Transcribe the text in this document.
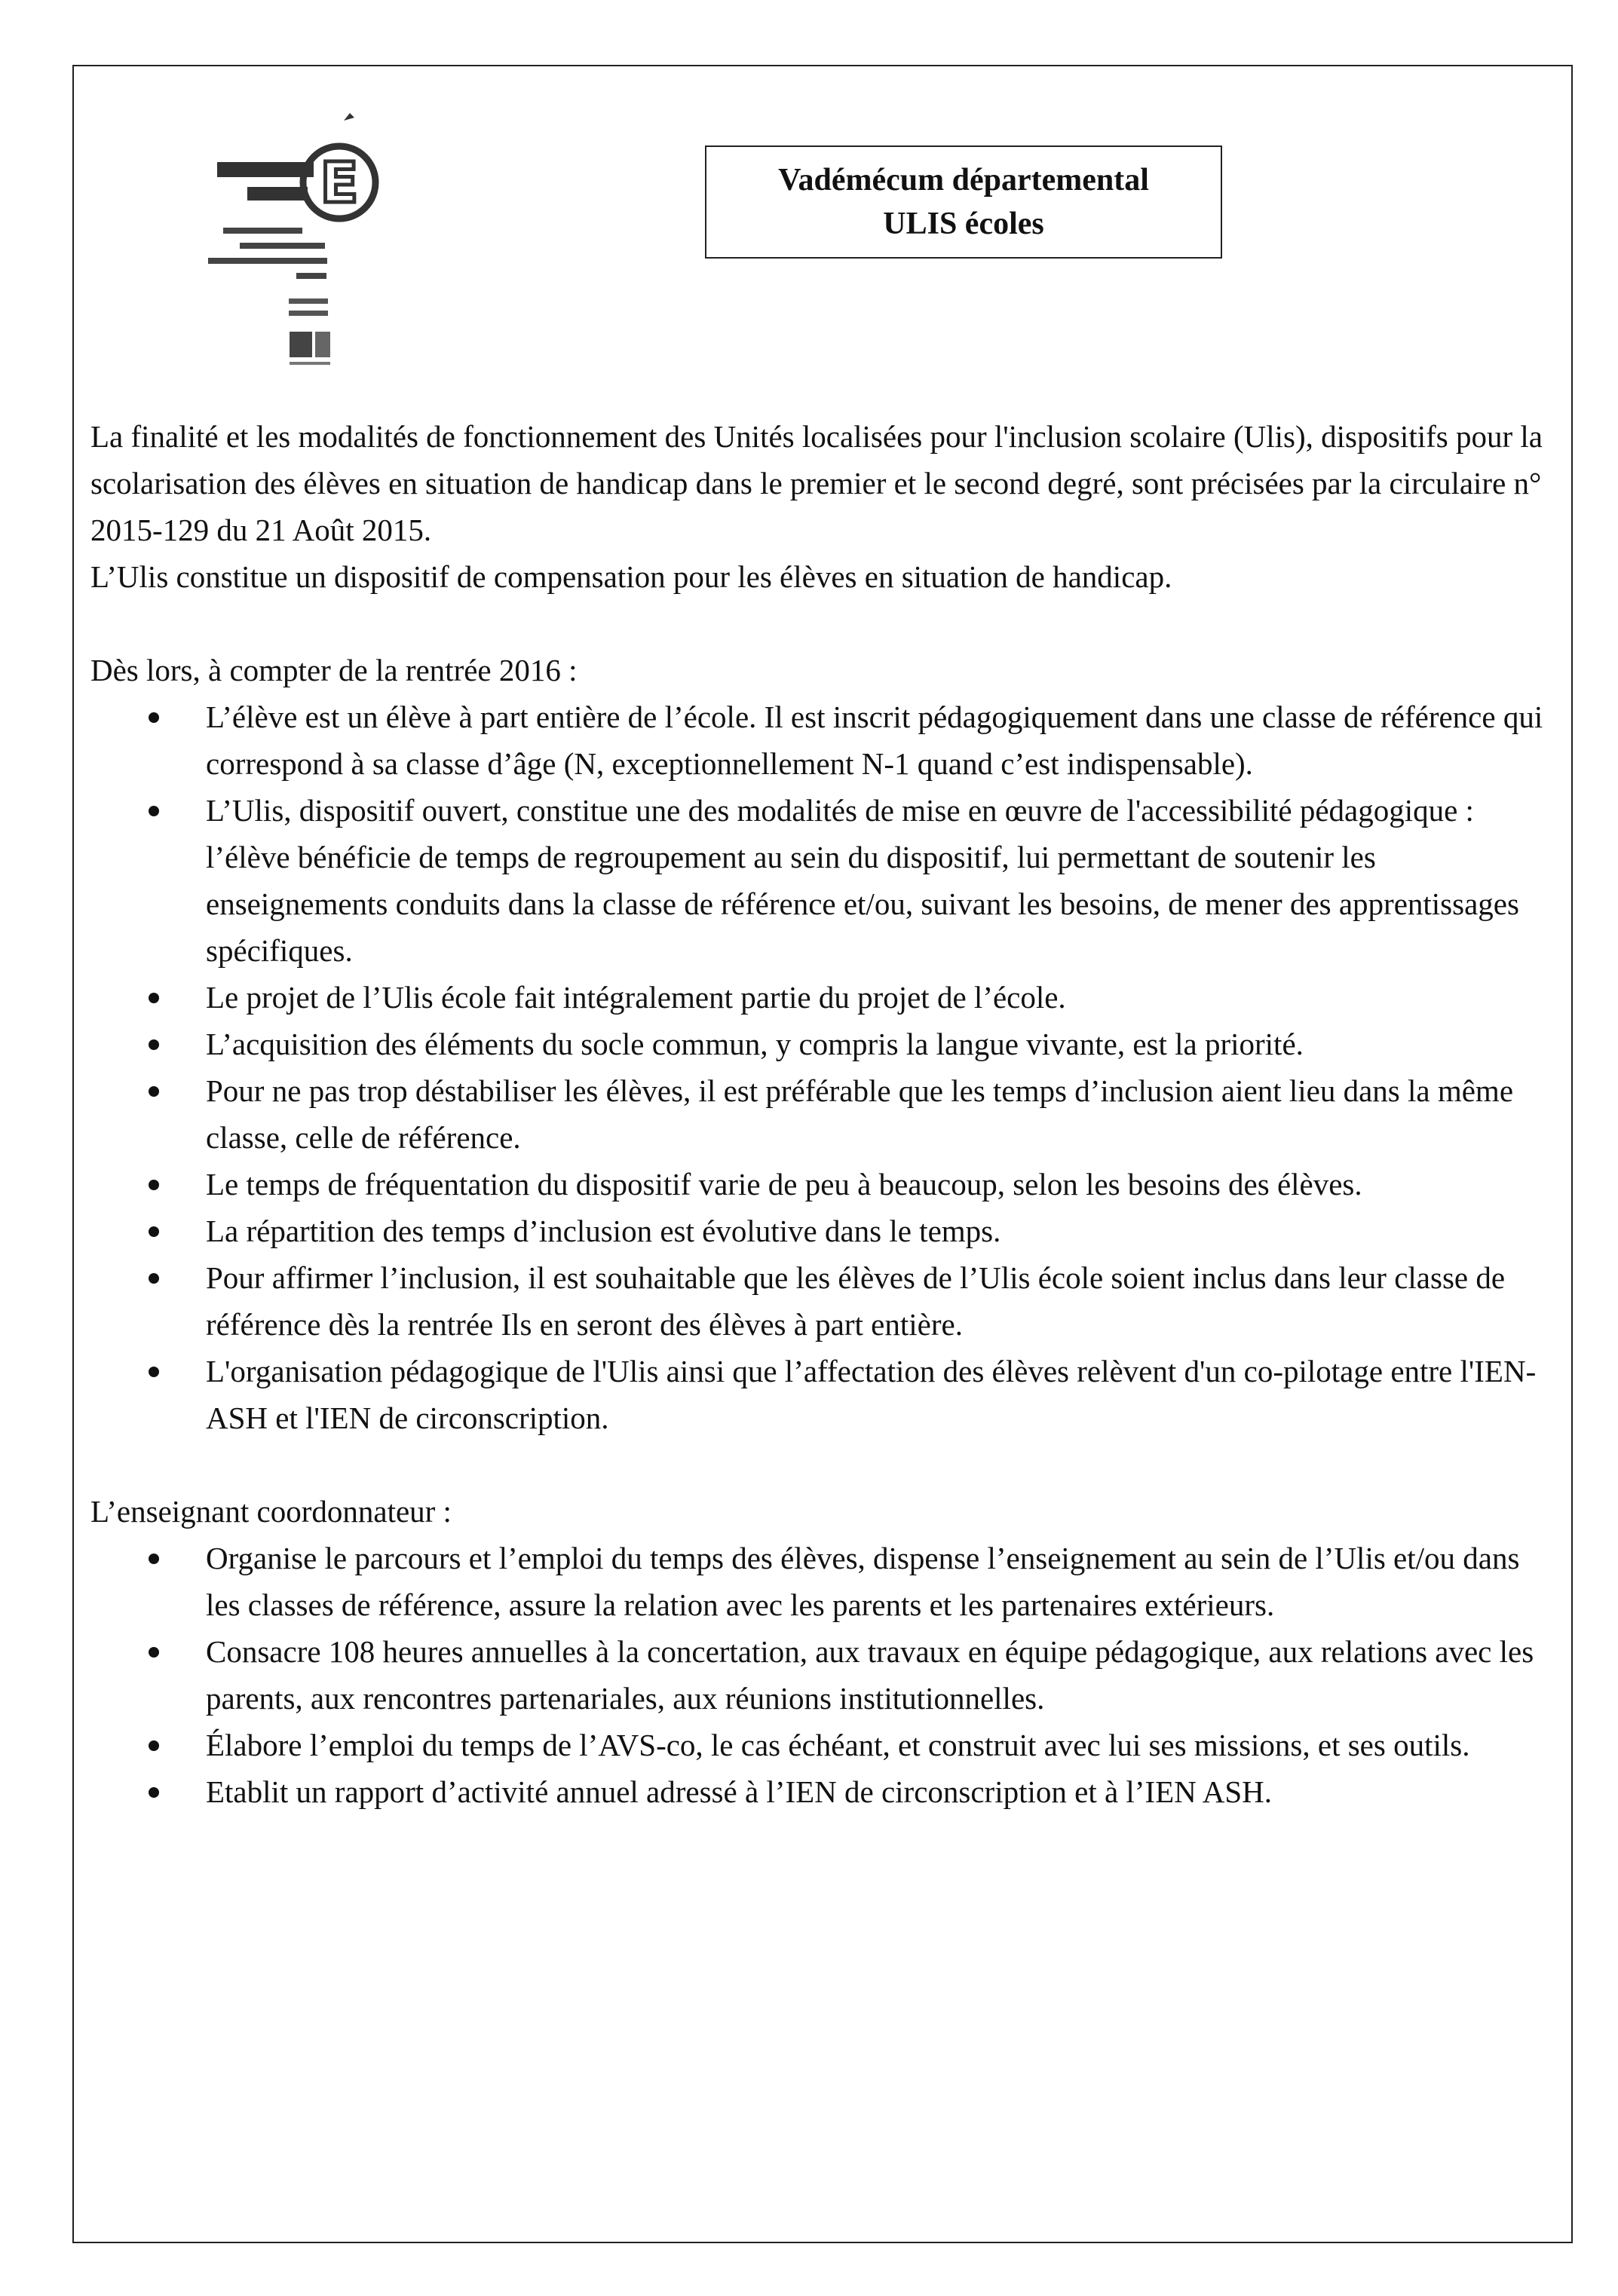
E	Vadémécum départemental
ULIS écoles

La finalité et les modalités de fonctionnement des Unités localisées pour l'inclusion scolaire (Ulis), dispositifs pour la scolarisation des élèves en situation de handicap dans le premier et le second degré, sont précisées par la circulaire n° 2015-129 du 21 Août 2015.

L’Ulis constitue un dispositif de compensation pour les élèves en situation de handicap.

Dès lors, à compter de la rentrée 2016 :

L’élève est un élève à part entière de l’école. Il est inscrit pédagogiquement dans une classe de référence qui correspond à sa classe d’âge (N, exceptionnellement N-1 quand c’est indispensable).
L’Ulis, dispositif ouvert, constitue une des modalités de mise en œuvre de l'accessibilité pédagogique : l’élève bénéficie de temps de regroupement au sein du dispositif, lui permettant de soutenir les enseignements conduits dans la classe de référence et/ou, suivant les besoins, de mener des apprentissages spécifiques.
Le projet de l’Ulis école fait intégralement partie du projet de l’école.
L’acquisition des éléments du socle commun, y compris la langue vivante, est la priorité.
Pour ne pas trop déstabiliser les élèves, il est préférable que les temps d’inclusion aient lieu dans la même classe, celle de référence.
Le temps de fréquentation du dispositif varie de peu à beaucoup, selon les besoins des élèves.
La répartition des temps d’inclusion est évolutive dans le temps.
Pour affirmer l’inclusion, il est souhaitable que les élèves de l’Ulis école soient inclus dans leur classe de référence dès la rentrée Ils en seront des élèves à part entière.
L'organisation pédagogique de l'Ulis ainsi que l’affectation des élèves relèvent d'un co-pilotage entre l'IEN-ASH et l'IEN de circonscription.

L’enseignant coordonnateur :

Organise le parcours et l’emploi du temps des élèves, dispense l’enseignement au sein de l’Ulis et/ou dans les classes de référence, assure la relation avec les parents et les partenaires extérieurs.
Consacre 108 heures annuelles à la concertation, aux travaux en équipe pédagogique, aux relations avec les parents, aux rencontres partenariales, aux réunions institutionnelles.
Élabore l’emploi du temps de l’AVS-co, le cas échéant, et construit avec lui ses missions, et ses outils.
Etablit un rapport d’activité annuel adressé à l’IEN de circonscription et à l’IEN ASH.
